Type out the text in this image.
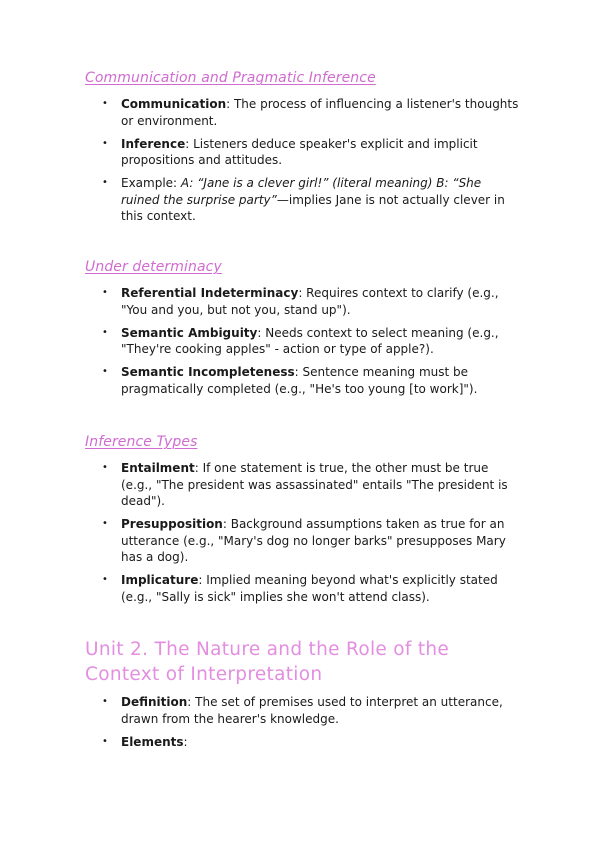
Communication and Pragmatic Inference
• Communication: The process of influencing a listener's thoughts or environment.
• Inference: Listeners deduce speaker's explicit and implicit propositions and attitudes.
• Example: A: “Jane is a clever girl!” (literal meaning) B: “She ruined the surprise party”—implies Jane is not actually clever in this context.
Under determinacy
• Referential Indeterminacy: Requires context to clarify (e.g., "You and you, but not you, stand up").
• Semantic Ambiguity: Needs context to select meaning (e.g., "They're cooking apples" - action or type of apple?).
• Semantic Incompleteness: Sentence meaning must be pragmatically completed (e.g., "He's too young [to work]").
Inference Types
• Entailment: If one statement is true, the other must be true (e.g., "The president was assassinated" entails "The president is dead").
• Presupposition: Background assumptions taken as true for an utterance (e.g., "Mary's dog no longer barks" presupposes Mary has a dog).
• Implicature: Implied meaning beyond what's explicitly stated (e.g., "Sally is sick" implies she won't attend class).
Unit 2. The Nature and the Role of the Context of Interpretation
• Definition: The set of premises used to interpret an utterance, drawn from the hearer's knowledge.
• Elements:
